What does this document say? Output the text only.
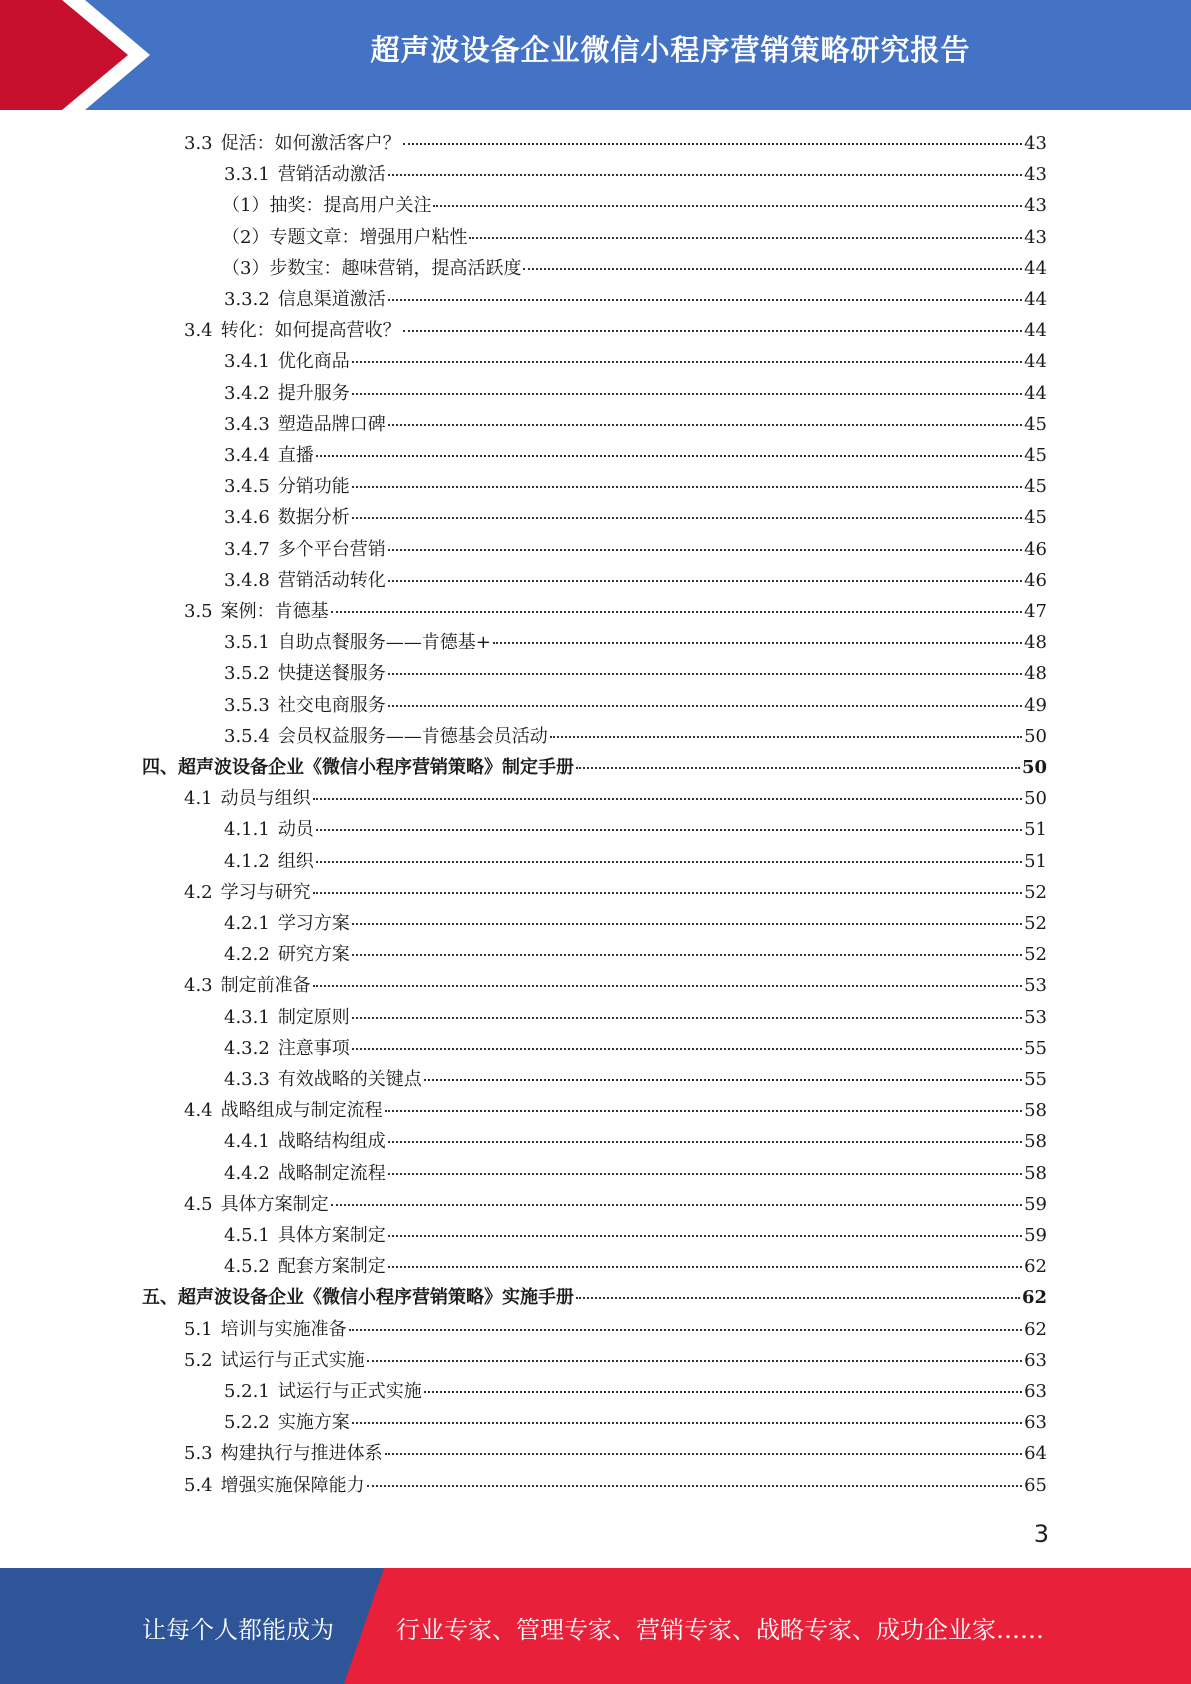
超声波设备企业微信小程序营销策略研究报告
3.3 促活：如何激活客户？	43
3.3.1 营销活动激活	43
（1）抽奖：提高用户关注	43
（2）专题文章：增强用户粘性	43
（3）步数宝：趣味营销，提高活跃度	44
3.3.2 信息渠道激活	44
3.4 转化：如何提高营收？	44
3.4.1 优化商品	44
3.4.2 提升服务	44
3.4.3 塑造品牌口碑	45
3.4.4 直播	45
3.4.5 分销功能	45
3.4.6 数据分析	45
3.4.7 多个平台营销	46
3.4.8 营销活动转化	46
3.5 案例：肯德基	47
3.5.1 自助点餐服务——肯德基+	48
3.5.2 快捷送餐服务	48
3.5.3 社交电商服务	49
3.5.4 会员权益服务——肯德基会员活动	50
四、超声波设备企业《微信小程序营销策略》制定手册	50
4.1 动员与组织	50
4.1.1 动员	51
4.1.2 组织	51
4.2 学习与研究	52
4.2.1 学习方案	52
4.2.2 研究方案	52
4.3 制定前准备	53
4.3.1 制定原则	53
4.3.2 注意事项	55
4.3.3 有效战略的关键点	55
4.4 战略组成与制定流程	58
4.4.1 战略结构组成	58
4.4.2 战略制定流程	58
4.5 具体方案制定	59
4.5.1 具体方案制定	59
4.5.2 配套方案制定	62
五、超声波设备企业《微信小程序营销策略》实施手册	62
5.1 培训与实施准备	62
5.2 试运行与正式实施	63
5.2.1 试运行与正式实施	63
5.2.2 实施方案	63
5.3 构建执行与推进体系	64
5.4 增强实施保障能力	65
3
让每个人都能成为	行业专家、管理专家、营销专家、战略专家、成功企业家……
